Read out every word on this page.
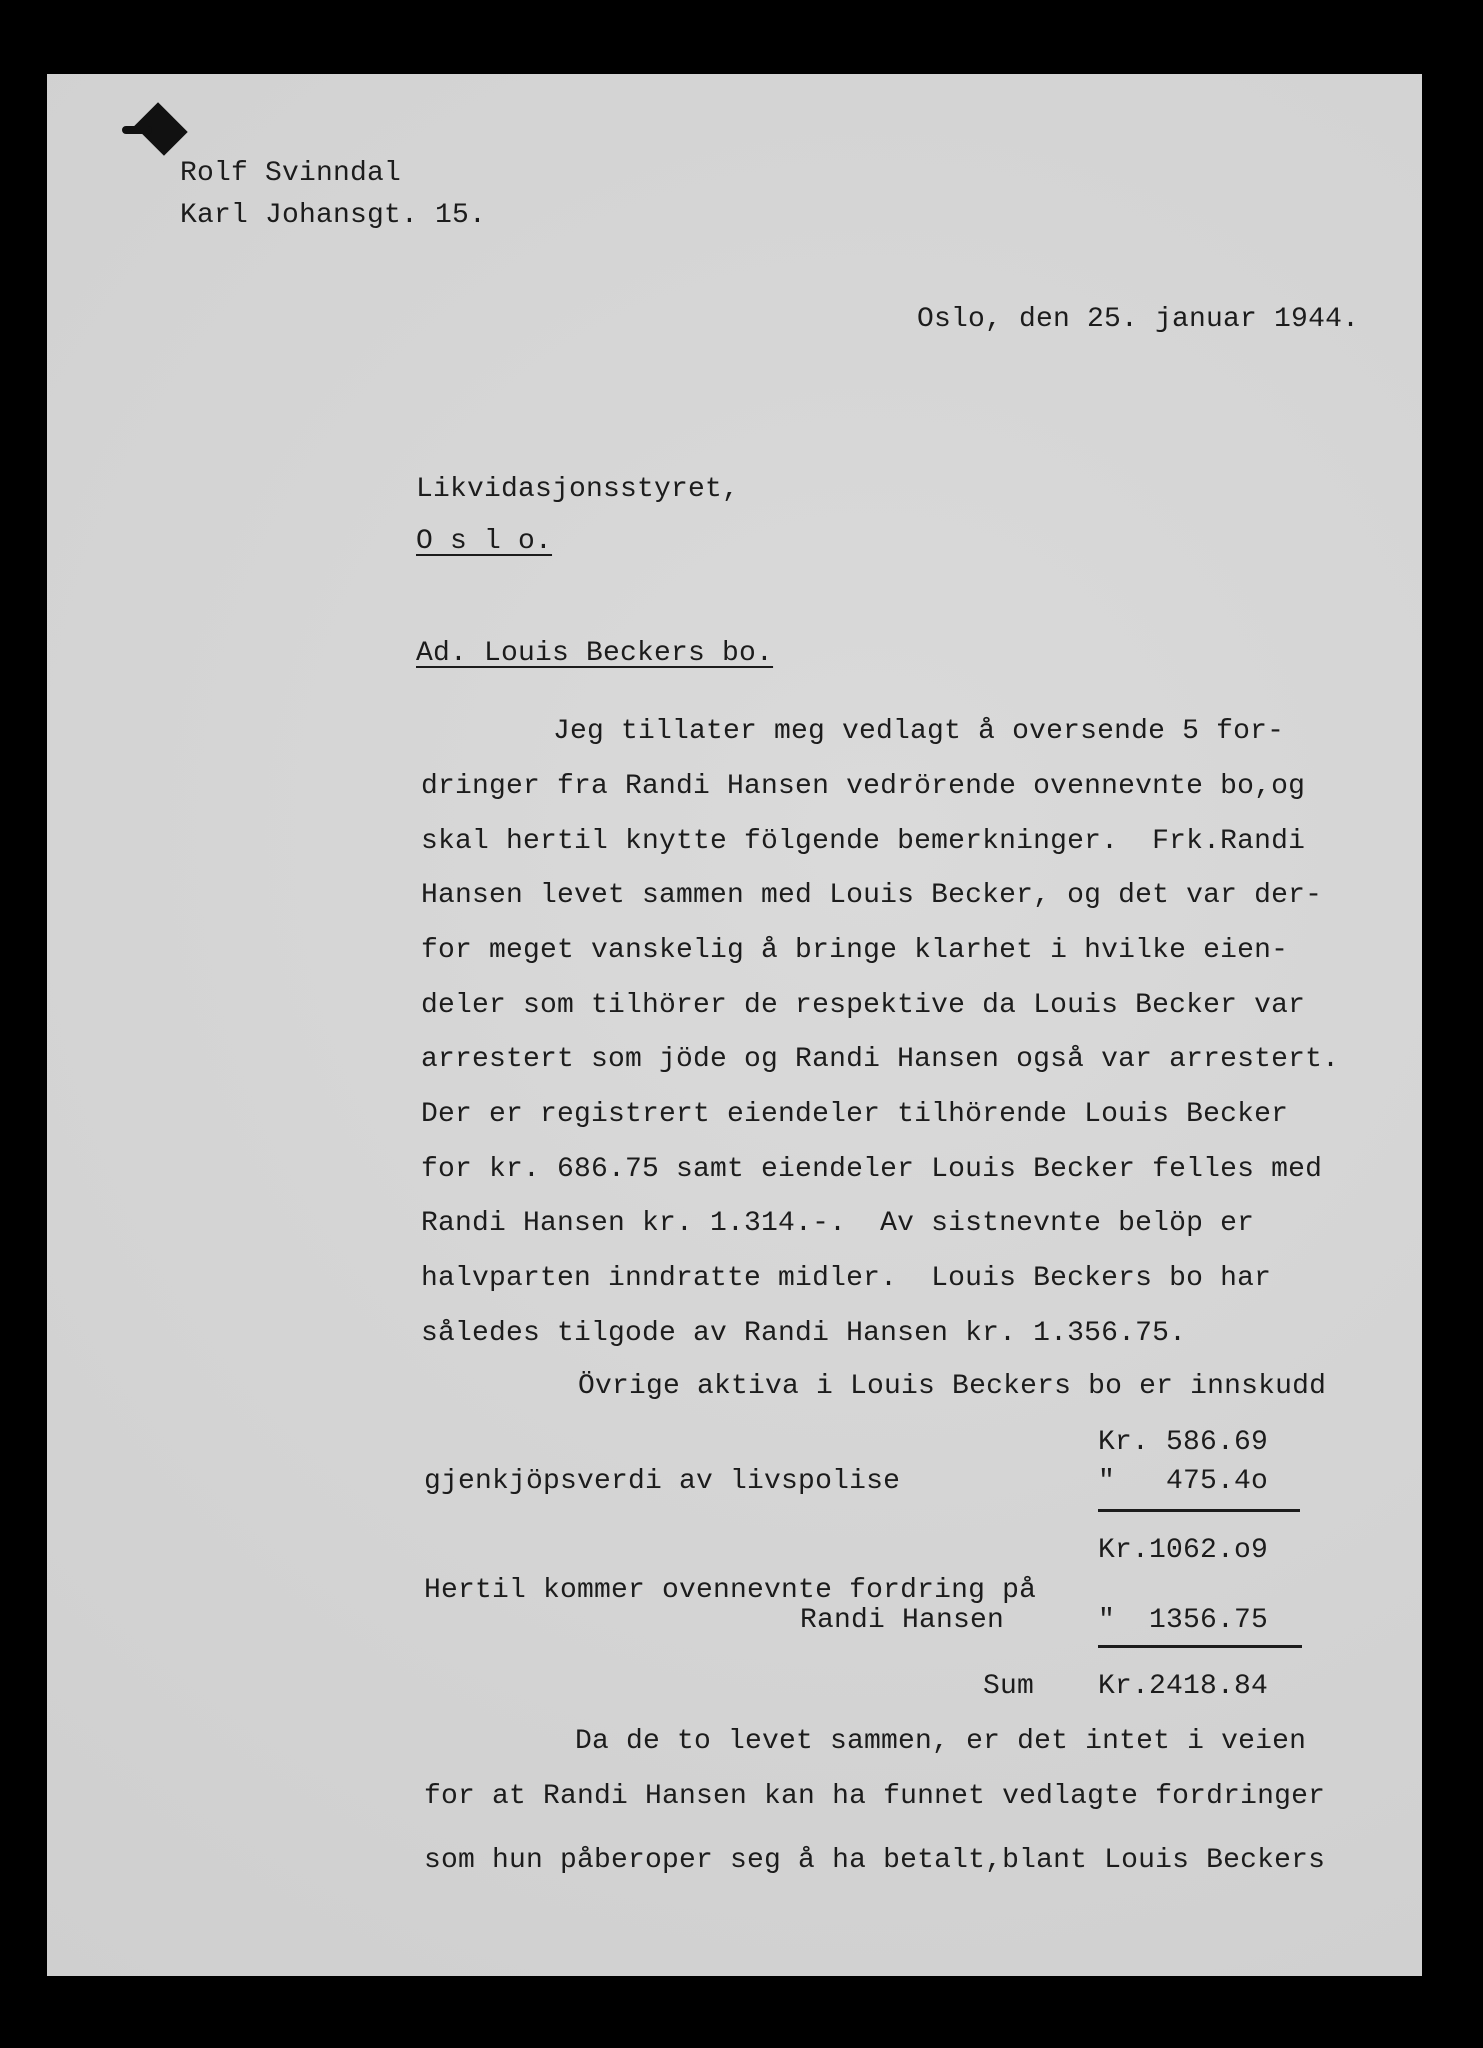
Rolf Svinndal
Karl Johansgt. 15.
Oslo, den 25. januar 1944.
Likvidasjonsstyret,
O s l o.
Ad. Louis Beckers bo.
Jeg tillater meg vedlagt å oversende 5 for-
dringer fra Randi Hansen vedrörende ovennevnte bo,og
skal hertil knytte fölgende bemerkninger.  Frk.Randi
Hansen levet sammen med Louis Becker, og det var der-
for meget vanskelig å bringe klarhet i hvilke eien-
deler som tilhörer de respektive da Louis Becker var
arrestert som jöde og Randi Hansen også var arrestert.
Der er registrert eiendeler tilhörende Louis Becker
for kr. 686.75 samt eiendeler Louis Becker felles med
Randi Hansen kr. 1.314.-.  Av sistnevnte belöp er
halvparten inndratte midler.  Louis Beckers bo har
således tilgode av Randi Hansen kr. 1.356.75.
Övrige aktiva i Louis Beckers bo er innskudd
Kr. 586.69
gjenkjöpsverdi av livspolise	"   475.4o
Kr.1062.o9
Hertil kommer ovennevnte fordring på
Randi Hansen	"  1356.75
Sum Kr.2418.84
Da de to levet sammen, er det intet i veien
for at Randi Hansen kan ha funnet vedlagte fordringer
som hun påberoper seg å ha betalt,blant Louis Beckers
